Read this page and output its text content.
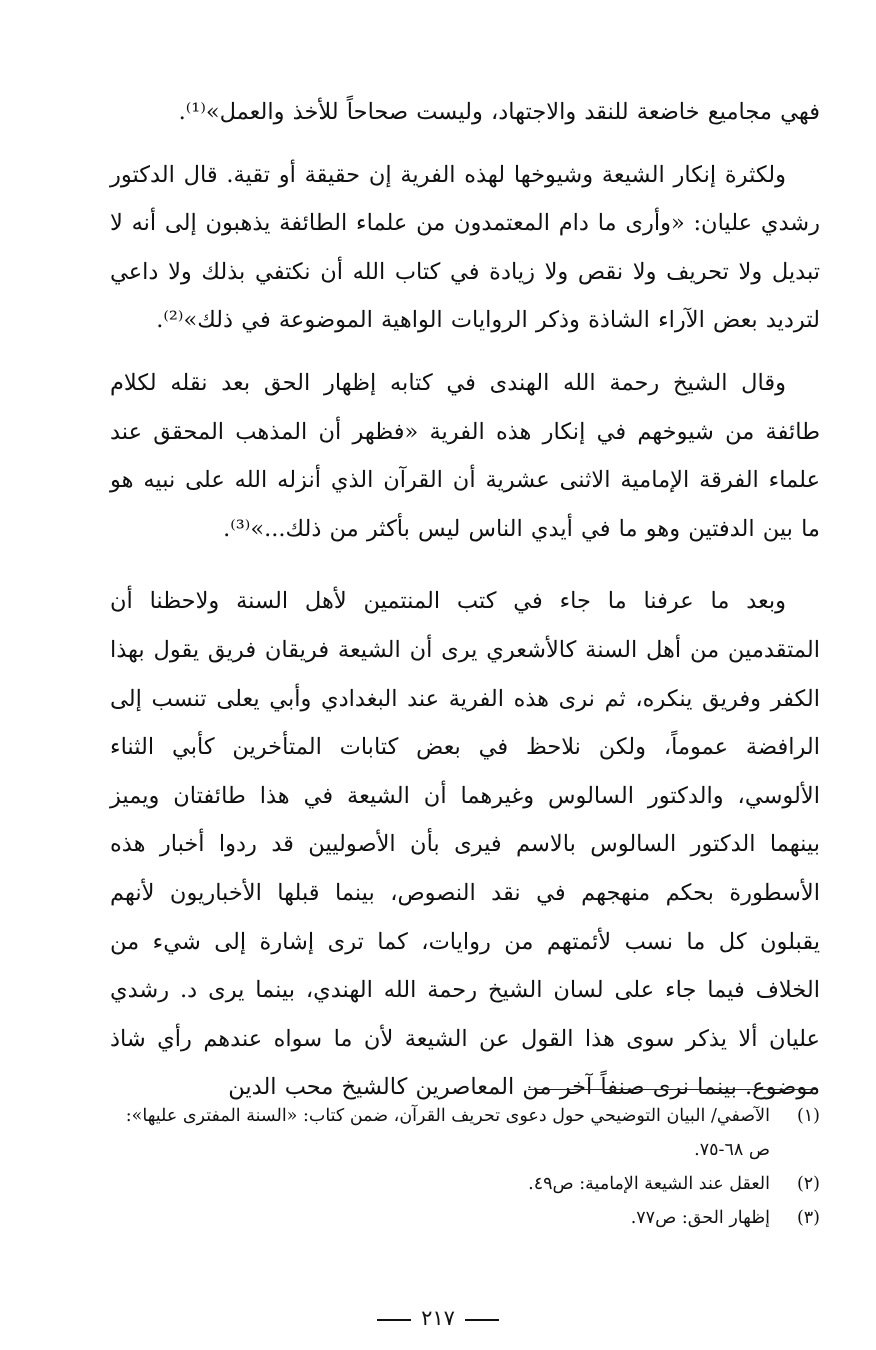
فهي مجاميع خاضعة للنقد والاجتهاد، وليست صحاحاً للأخذ والعمل»⁽¹⁾.

ولكثرة إنكار الشيعة وشيوخها لهذه الفرية إن حقيقة أو تقية. قال الدكتور رشدي عليان: «وأرى ما دام المعتمدون من علماء الطائفة يذهبون إلى أنه لا تبديل ولا تحريف ولا نقص ولا زيادة في كتاب الله أن نكتفي بذلك ولا داعي لترديد بعض الآراء الشاذة وذكر الروايات الواهية الموضوعة في ذلك»⁽²⁾.

وقال الشيخ رحمة الله الهندى في كتابه إظهار الحق بعد نقله لكلام طائفة من شيوخهم في إنكار هذه الفرية «فظهر أن المذهب المحقق عند علماء الفرقة الإمامية الاثنى عشرية أن القرآن الذي أنزله الله على نبيه هو ما بين الدفتين وهو ما في أيدي الناس ليس بأكثر من ذلك...»⁽³⁾.

وبعد ما عرفنا ما جاء في كتب المنتمين لأهل السنة ولاحظنا أن المتقدمين من أهل السنة كالأشعري يرى أن الشيعة فريقان فريق يقول بهذا الكفر وفريق ينكره، ثم نرى هذه الفرية عند البغدادي وأبي يعلى تنسب إلى الرافضة عموماً، ولكن نلاحظ في بعض كتابات المتأخرين كأبي الثناء الألوسي، والدكتور السالوس وغيرهما أن الشيعة في هذا طائفتان ويميز بينهما الدكتور السالوس بالاسم فيرى بأن الأصوليين قد ردوا أخبار هذه الأسطورة بحكم منهجهم في نقد النصوص، بينما قبلها الأخباريون لأنهم يقبلون كل ما نسب لأئمتهم من روايات، كما ترى إشارة إلى شيء من الخلاف فيما جاء على لسان الشيخ رحمة الله الهندي، بينما يرى د. رشدي عليان ألا يذكر سوى هذا القول عن الشيعة لأن ما سواه عندهم رأي شاذ موضوع. بينما نرى صنفاً آخر من المعاصرين كالشيخ محب الدين

(١)
الآصفي/ البيان التوضيحي حول دعوى تحريف القرآن، ضمن كتاب: «السنة المفترى عليها»: ص ٦٨-٧٥.
(٢)
العقل عند الشيعة الإمامية: ص٤٩.
(٣)
إظهار الحق: ص٧٧.
٢١٧
